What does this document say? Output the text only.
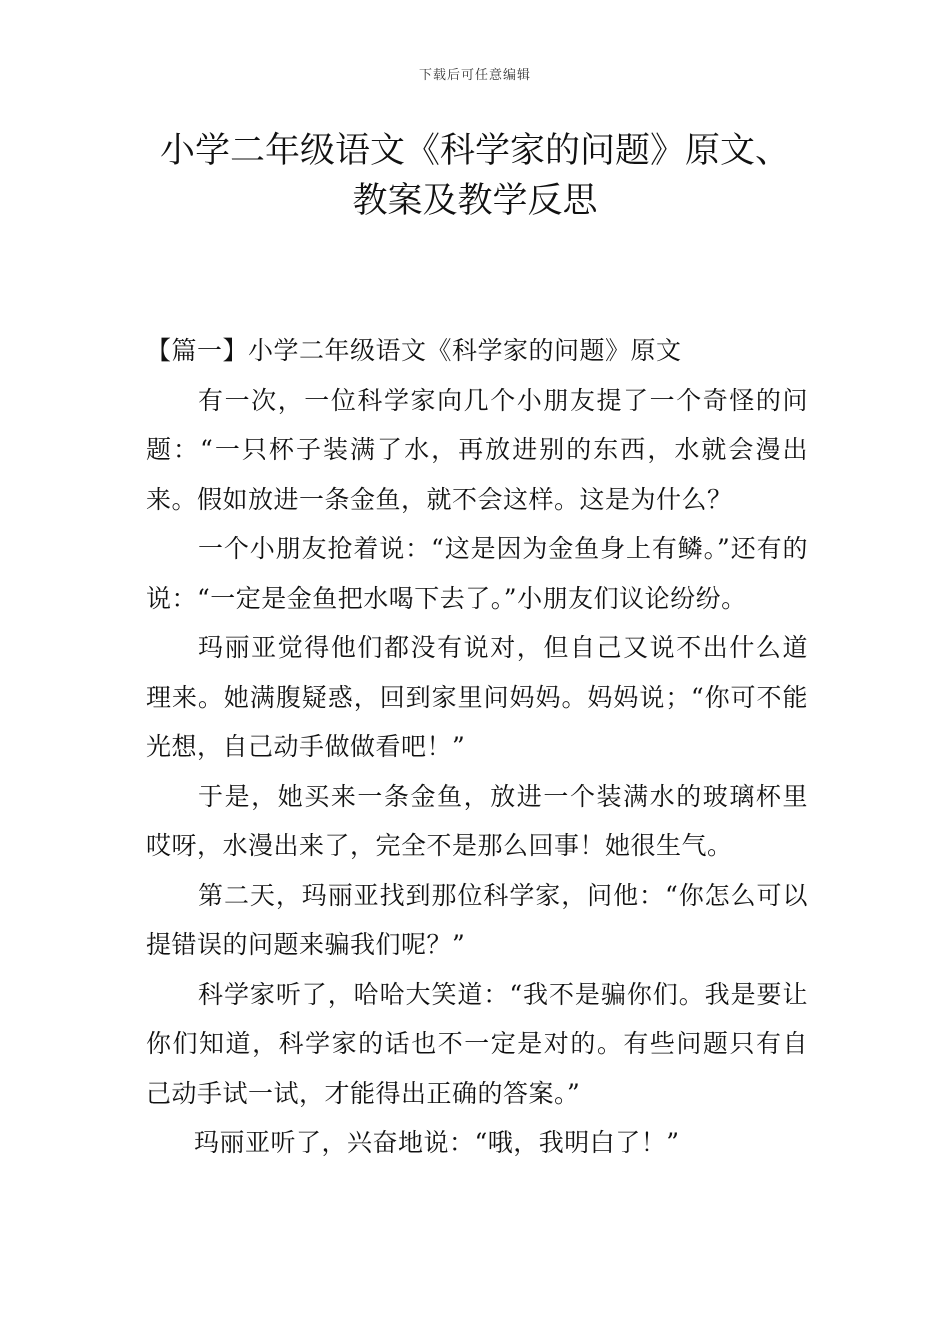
下载后可任意编辑
小学二年级语文《科学家的问题》原文、
教案及教学反思

【篇一】小学二年级语文《科学家的问题》原文

有一次，一位科学家向几个小朋友提了一个奇怪的问题：“一只杯子装满了水，再放进别的东西，水就会漫出来。假如放进一条金鱼，就不会这样。这是为什么？

一个小朋友抢着说：“这是因为金鱼身上有鳞。”还有的说：“一定是金鱼把水喝下去了。”小朋友们议论纷纷。

玛丽亚觉得他们都没有说对，但自己又说不出什么道理来。她满腹疑惑，回到家里问妈妈。妈妈说；“你可不能光想，自己动手做做看吧！”

于是，她买来一条金鱼，放进一个装满水的玻璃杯里哎呀，水漫出来了，完全不是那么回事！她很生气。

第二天，玛丽亚找到那位科学家，问他：“你怎么可以提错误的问题来骗我们呢？”

科学家听了，哈哈大笑道：“我不是骗你们。我是要让你们知道，科学家的话也不一定是对的。有些问题只有自己动手试一试，才能得出正确的答案。”

玛丽亚听了，兴奋地说：“哦，我明白了！”
